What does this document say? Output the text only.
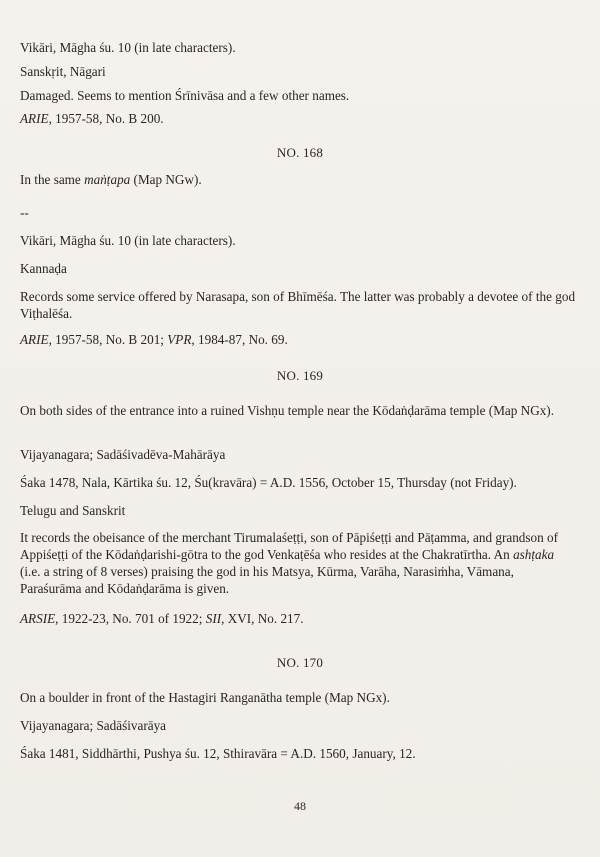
Vikāri, Māgha śu. 10 (in late characters).

Sanskṛit, Nāgari

Damaged. Seems to mention Śrīnivāsa and a few other names.

ARIE, 1957-58, No. B 200.

NO. 168

In the same maṅṭapa (Map NGw).

--

Vikāri, Māgha śu. 10 (in late characters).

Kannaḍa

Records some service offered by Narasapa, son of Bhīmēśa. The latter was probably a devotee of the god Viṭhalēśa.

ARIE, 1957-58, No. B 201; VPR, 1984-87, No. 69.

NO. 169

On both sides of the entrance into a ruined Vishṇu temple near the Kōdaṅḍarāma temple (Map NGx).

Vijayanagara; Sadāśivadēva-Mahārāya

Śaka 1478, Nala, Kārtika śu. 12, Śu(kravāra) = A.D. 1556, October 15, Thursday (not Friday).

Telugu and Sanskrit

It records the obeisance of the merchant Tirumalaśeṭṭi, son of Pāpiśeṭṭi and Pāṭamma, and grandson of Appiśeṭṭi of the Kōdaṅḍarishi-gōtra to the god Venkaṭēśa who resides at the Chakratīrtha. An ashṭaka (i.e. a string of 8 verses) praising the god in his Matsya, Kūrma, Varāha, Narasiṁha, Vāmana, Paraśurāma and Kōdaṅḍarāma is given.

ARSIE, 1922-23, No. 701 of 1922; SII, XVI, No. 217.

NO. 170

On a boulder in front of the Hastagiri Ranganātha temple (Map NGx).

Vijayanagara; Sadāśivarāya

Śaka 1481, Siddhārthi, Pushya śu. 12, Sthiravāra = A.D. 1560, January, 12.

48
